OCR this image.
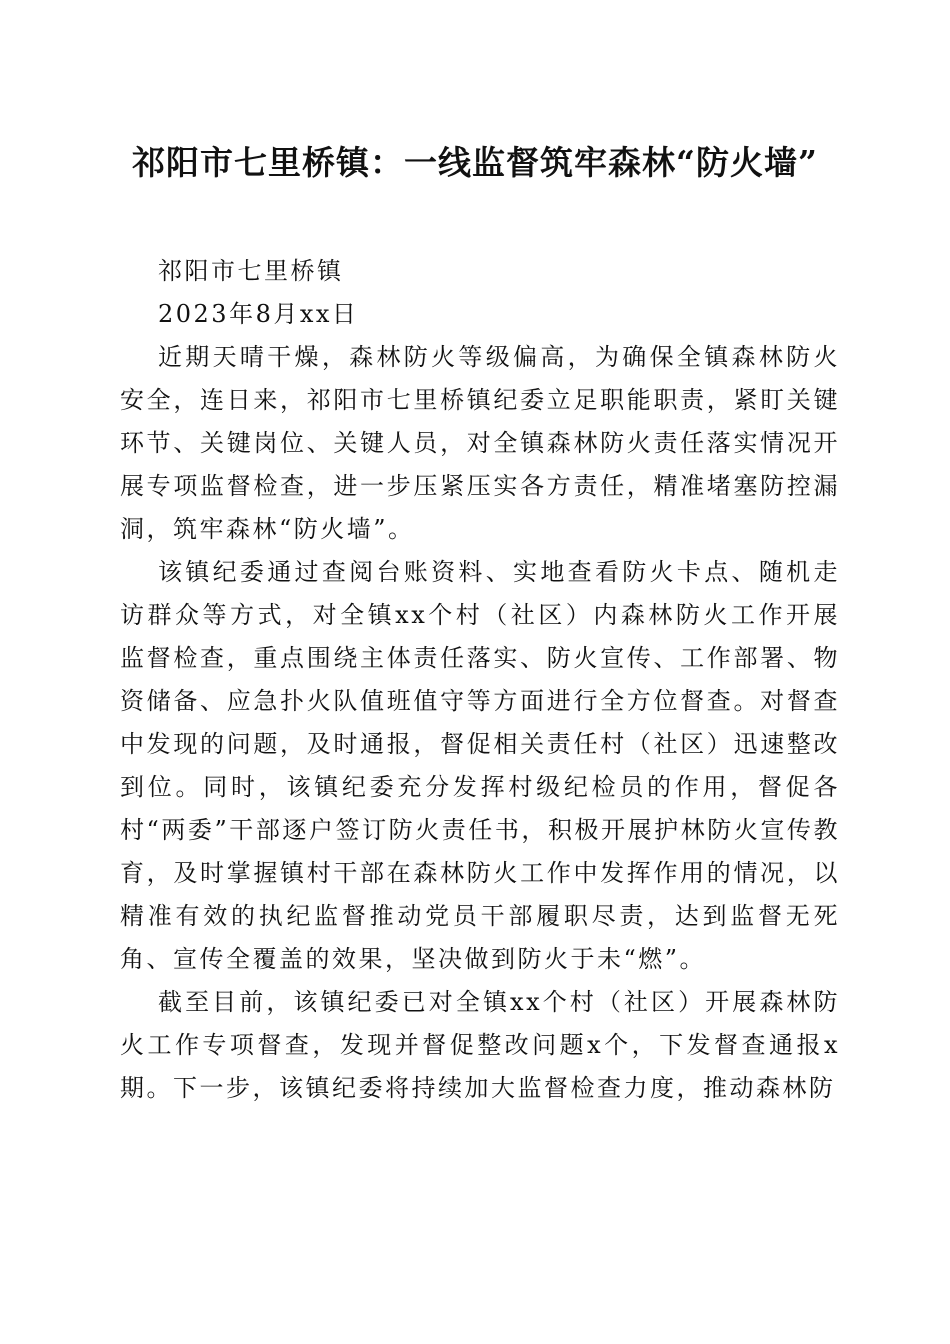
祁阳市七里桥镇：一线监督筑牢森林“防火墙”

祁阳市七里桥镇

2023年8月xx日

近期天晴干燥，森林防火等级偏高，为确保全镇森林防火安全，连日来，祁阳市七里桥镇纪委立足职能职责，紧盯关键环节、关键岗位、关键人员，对全镇森林防火责任落实情况开展专项监督检查，进一步压紧压实各方责任，精准堵塞防控漏洞，筑牢森林“防火墙”。

该镇纪委通过查阅台账资料、实地查看防火卡点、随机走访群众等方式，对全镇xx个村（社区）内森林防火工作开展监督检查，重点围绕主体责任落实、防火宣传、工作部署、物资储备、应急扑火队值班值守等方面进行全方位督查。对督查中发现的问题，及时通报，督促相关责任村（社区）迅速整改到位。同时，该镇纪委充分发挥村级纪检员的作用，督促各村“两委”干部逐户签订防火责任书，积极开展护林防火宣传教育，及时掌握镇村干部在森林防火工作中发挥作用的情况，以精准有效的执纪监督推动党员干部履职尽责，达到监督无死角、宣传全覆盖的效果，坚决做到防火于未“燃”。

截至目前，该镇纪委已对全镇xx个村（社区）开展森林防火工作专项督查，发现并督促整改问题x个，下发督查通报x期。下一步，该镇纪委将持续加大监督检查力度，推动森林防
